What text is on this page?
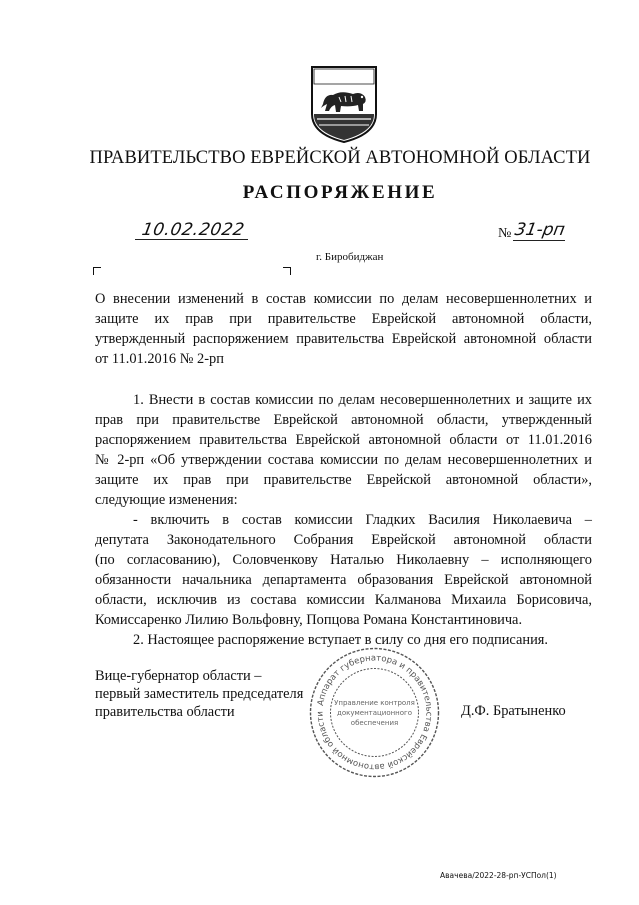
ПРАВИТЕЛЬСТВО ЕВРЕЙСКОЙ АВТОНОМНОЙ ОБЛАСТИ
РАСПОРЯЖЕНИЕ
10.02.2022	№ 31-рп
г. Биробиджан
О внесении изменений в состав комиссии по делам несовершеннолетних и
защите их прав при правительстве Еврейской автономной области,
утвержденный распоряжением правительства Еврейской автономной области
от 11.01.2016 № 2-рп
1. Внести в состав комиссии по делам несовершеннолетних и защите их
прав при правительстве Еврейской автономной области, утвержденный
распоряжением правительства Еврейской автономной области от 11.01.2016
№ 2-рп «Об утверждении состава комиссии по делам несовершеннолетних и
защите их прав при правительстве Еврейской автономной области»,
следующие изменения:
- включить в состав комиссии Гладких Василия Николаевича –
депутата Законодательного Собрания Еврейской автономной области
(по согласованию), Соловченкову Наталью Николаевну – исполняющего
обязанности начальника департамента образования Еврейской автономной
области, исключив из состава комиссии Калманова Михаила Борисовича,
Комиссаренко Лилию Вольфовну, Попцова Романа Константиновича.
2. Настоящее распоряжение вступает в силу со дня его подписания.
Вице-губернатор области –
первый заместитель председателя
правительства области	Д.Ф. Братыненко
Аппарат губернатора и правительства Еврейской автономной области
Управление контроля
документационного
обеспечения
Авачева/2022-28-рп-УСПол(1)
